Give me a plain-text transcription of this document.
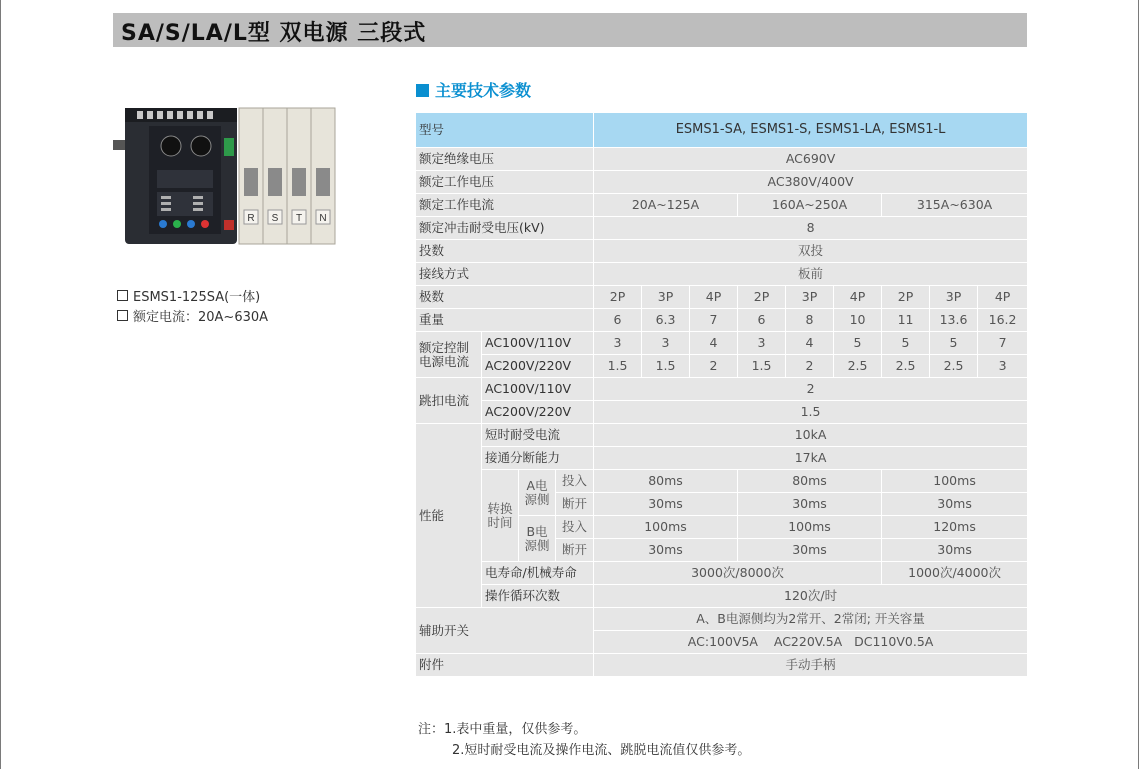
SA/S/LA/L型 双电源 三段式
R S T N
ESMS1-125SA(一体)
额定电流：20A~630A
主要技术参数
型号				ESMS1-SA, ESMS1-S, ESMS1-LA, ESMS1-L								
额定绝缘电压				AC690V								
额定工作电压				AC380V/400V								
额定工作电流				20A~125A			160A~250A			315A~630A		
额定冲击耐受电压(kV)				8								
投数				双投								
接线方式				板前								
极数				2P	3P	4P	2P	3P	4P	2P	3P	4P
重量				6	6.3	7	6	8	10	11	13.6	16.2
额定控制电源电流	AC100V/110V			3	3	4	3	4	5	5	5	7
	AC200V/220V			1.5	1.5	2	1.5	2	2.5	2.5	2.5	3
跳扣电流	AC100V/110V			2								
	AC200V/220V			1.5								
性能	短时耐受电流			10kA								
	接通分断能力			17kA								
	转换时间	A电源侧	投入	80ms			80ms			100ms		
			断开	30ms			30ms			30ms		
		B电源侧	投入	100ms			100ms			120ms		
			断开	30ms			30ms			30ms		
	电寿命/机械寿命			3000次/8000次						1000次/4000次		
	操作循环次数			120次/时								
辅助开关				A、B电源侧均为2常开、2常闭; 开关容量								
				AC:100V5A    AC220V.5A   DC110V0.5A								
附件				手动手柄								
注：1.表中重量，仅供参考。
2.短时耐受电流及操作电流、跳脱电流值仅供参考。
